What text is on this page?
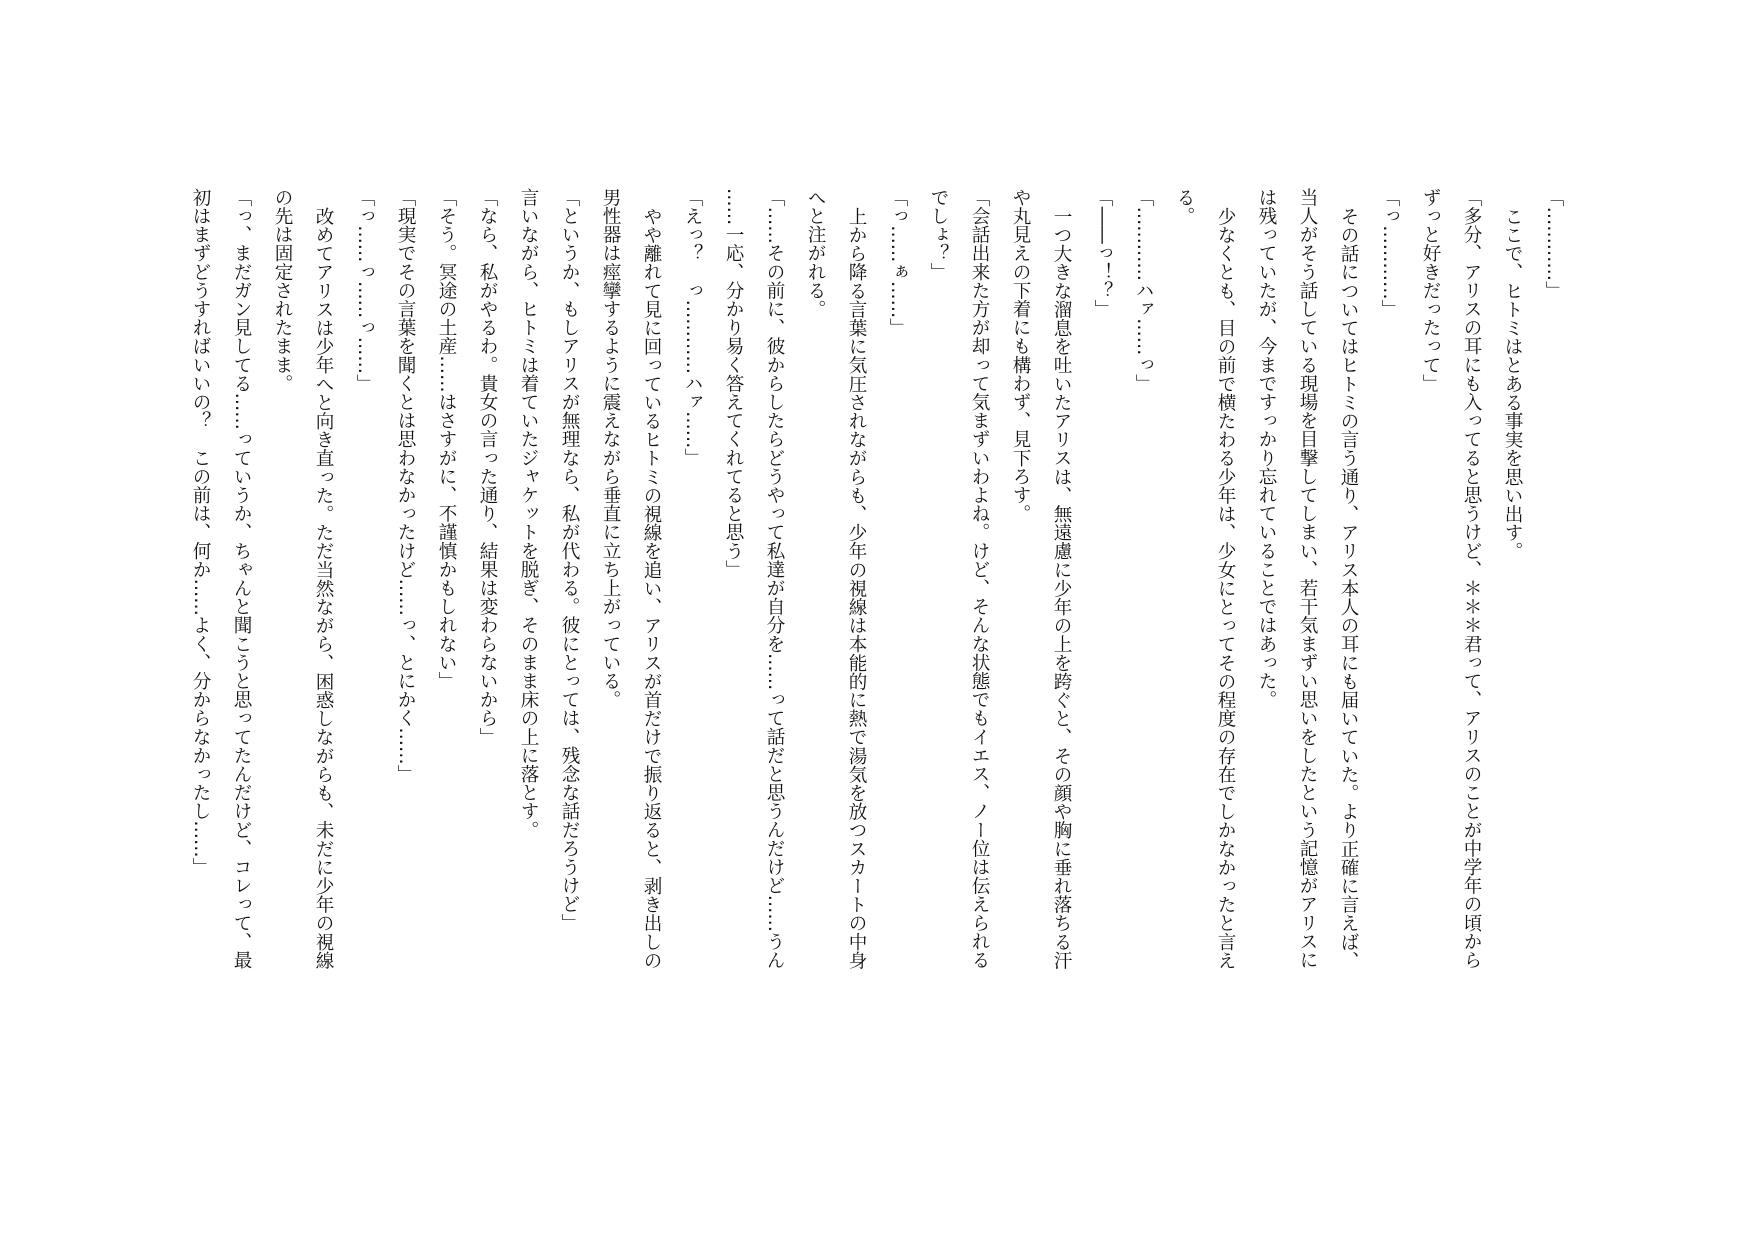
「…………」

ここで、ヒトミはとある事実を思い出す。

「多分、アリスの耳にも入ってると思うけど、＊＊＊君って、アリスのことが中学年の頃から

ずっと好きだったって」

「っ…………」

その話についてはヒトミの言う通り、アリス本人の耳にも届いていた。より正確に言えば、

当人がそう話している現場を目撃してしまい、若干気まずい思いをしたという記憶がアリスに

は残っていたが、今まですっかり忘れていることではあった。

少なくとも、目の前で横たわる少年は、少女にとってその程度の存在でしかなかったと言え

る。

「…………ハァ……っ」

「――っ！？」

一つ大きな溜息を吐いたアリスは、無遠慮に少年の上を跨ぐと、その顔や胸に垂れ落ちる汗

や丸見えの下着にも構わず、見下ろす。

「会話出来た方が却って気まずいわよね。けど、そんな状態でもイエス、ノー位は伝えられる

でしょ？」

「っ……ぁ……」

上から降る言葉に気圧されながらも、少年の視線は本能的に熱で湯気を放つスカートの中身

へと注がれる。

「……その前に、彼からしたらどうやって私達が自分を……って話だと思うんだけど……うん

……一応、分かり易く答えてくれてると思う」

「えっ？　っ…………ハァ……」

やや離れて見に回っているヒトミの視線を追い、アリスが首だけで振り返ると、剥き出しの

男性器は痙攣するように震えながら垂直に立ち上がっている。

「というか、もしアリスが無理なら、私が代わる。彼にとっては、残念な話だろうけど」

言いながら、ヒトミは着ていたジャケットを脱ぎ、そのまま床の上に落とす。

「なら、私がやるわ。貴女の言った通り、結果は変わらないから」

「そう。冥途の土産……はさすがに、不謹慎かもしれない」

「現実でその言葉を聞くとは思わなかったけど……っ、とにかく……」

「っ……っ……っ……」

改めてアリスは少年へと向き直った。ただ当然ながら、困惑しながらも、未だに少年の視線

の先は固定されたまま。

「っ、まだガン見してる……っていうか、ちゃんと聞こうと思ってたんだけど、コレって、最

初はまずどうすればいいの？　この前は、何か……よく、分からなかったし……」
